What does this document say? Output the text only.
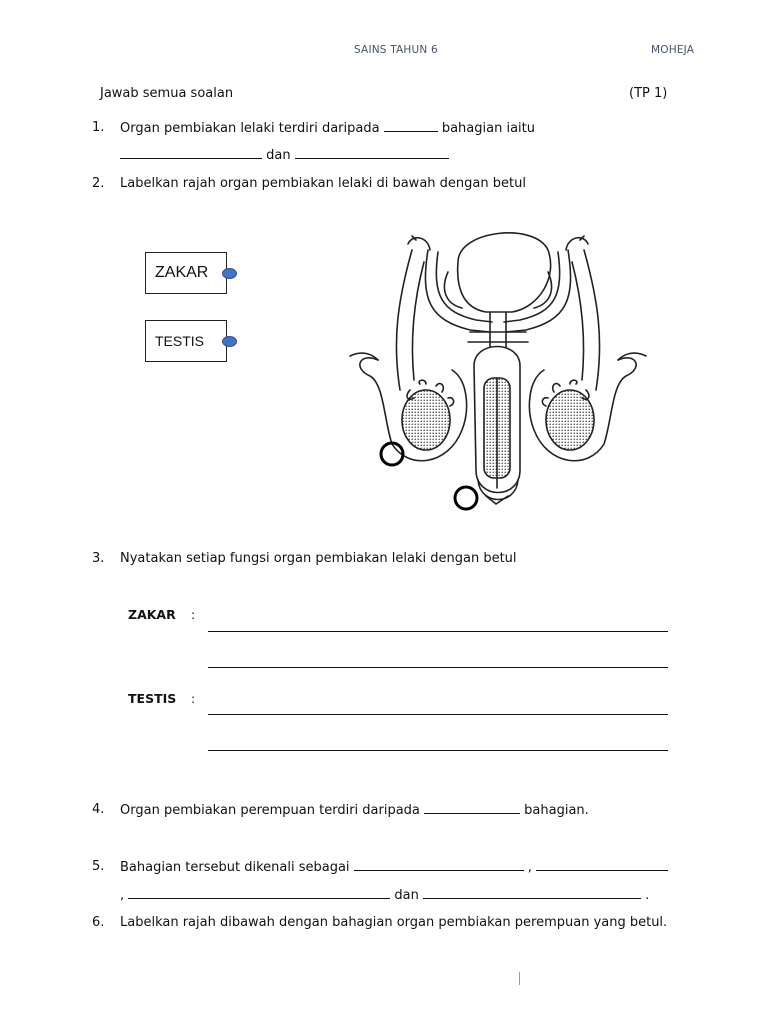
SAINS TAHUN 6	MOHEJA
Jawab semua soalan	(TP 1)
1. Organ pembiakan lelaki terdiri daripada	bahagian iaitu
dan
2. Labelkan rajah organ pembiakan lelaki di bawah dengan betul
ZAKAR
TESTIS
3. Nyatakan setiap fungsi organ pembiakan lelaki dengan betul
ZAKAR :
TESTIS :
4. Organ pembiakan perempuan terdiri daripada	bahagian.
5. Bahagian tersebut dikenali sebagai	,
,	dan	.
6. Labelkan rajah dibawah dengan bahagian organ pembiakan perempuan yang betul.
